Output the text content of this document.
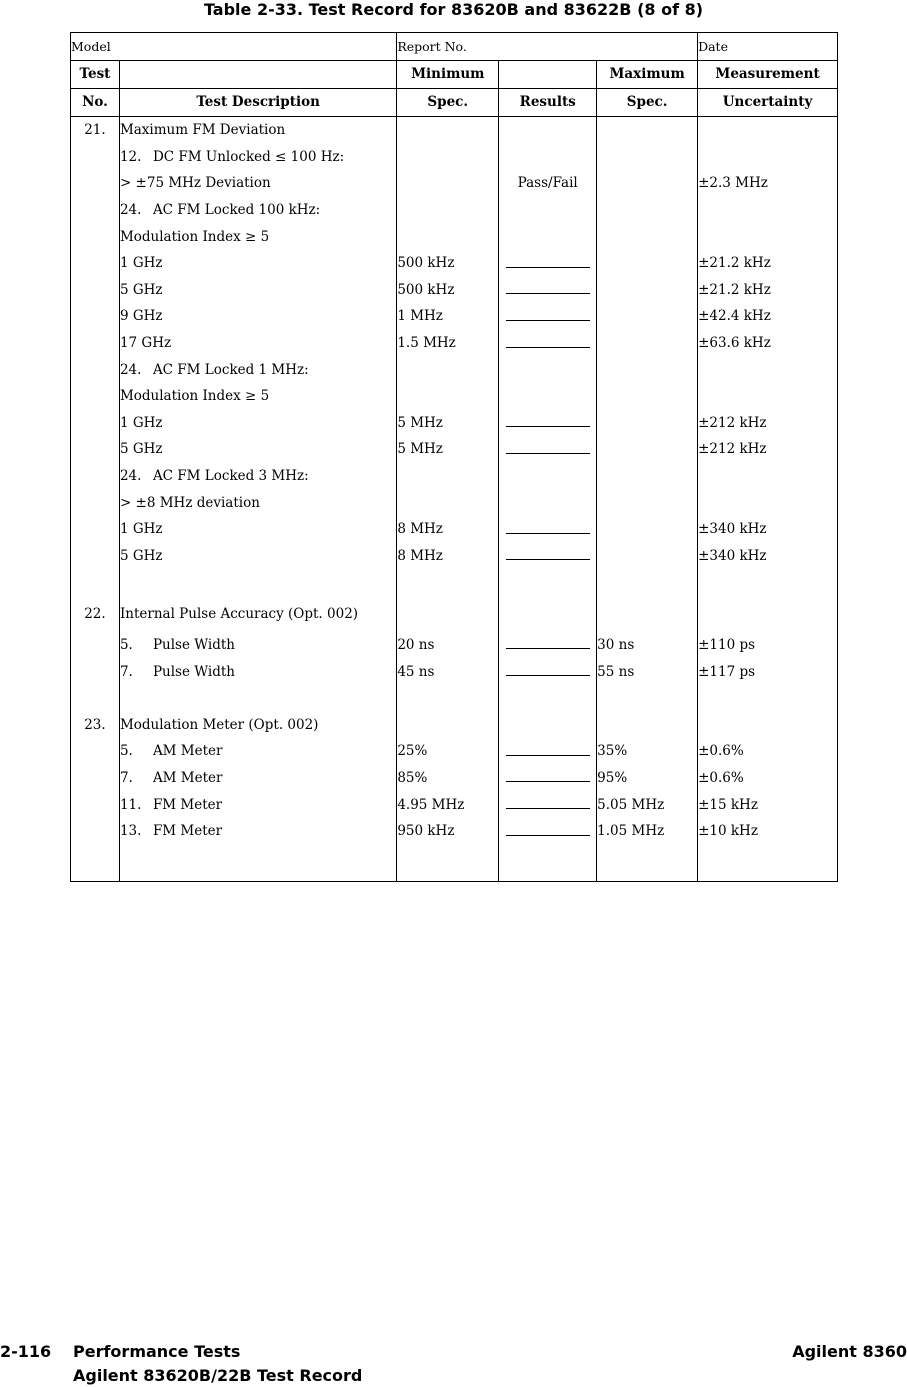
Table 2-33. Test Record for 83620B and 83622B (8 of 8)
Model		Report No.			Date
Test		Minimum		Maximum	Measurement
No.	Test Description	Spec.	Results	Spec.	Uncertainty
21.	Maximum FM Deviation				
	12. DC FM Unlocked ≤ 100 Hz:				
	> ±75 MHz Deviation		Pass/Fail		±2.3 MHz
	24. AC FM Locked 100 kHz:				
	Modulation Index ≥ 5				
	1 GHz	500 kHz			±21.2 kHz
	5 GHz	500 kHz			±21.2 kHz
	9 GHz	1 MHz			±42.4 kHz
	17 GHz	1.5 MHz			±63.6 kHz
	24. AC FM Locked 1 MHz:				
	Modulation Index ≥ 5				
	1 GHz	5 MHz			±212 kHz
	5 GHz	5 MHz			±212 kHz
	24. AC FM Locked 3 MHz:				
	> ±8 MHz deviation				
	1 GHz	8 MHz			±340 kHz
	5 GHz	8 MHz			±340 kHz

22.	Internal Pulse Accuracy (Opt. 002)				
	5. Pulse Width	20 ns		30 ns	±110 ps
	7. Pulse Width	45 ns		55 ns	±117 ps

23.	Modulation Meter (Opt. 002)				
	5. AM Meter	25%		35%	±0.6%
	7. AM Meter	85%		95%	±0.6%
	11. FM Meter	4.95 MHz		5.05 MHz	±15 kHz
	13. FM Meter	950 kHz		1.05 MHz	±10 kHz

2-116 Performance Tests
Agilent 83620B/22B Test Record
Agilent 8360
